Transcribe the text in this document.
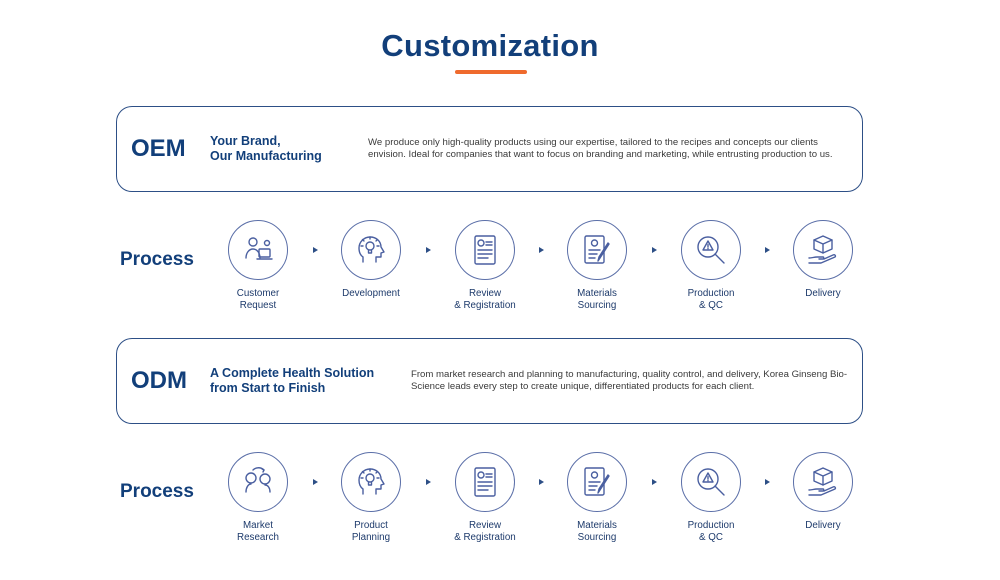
Customization
OEM Your Brand,
Our Manufacturing
We produce only high-quality products using our expertise, tailored to the recipes and concepts our clients envision. Ideal for companies that want to focus on branding and marketing, while entrusting production to us.
Process
Customer
Request
Development	Review
& Registration
Materials
Sourcing
Production
& QC
Delivery
ODM A Complete Health Solution
from Start to Finish
From market research and planning to manufacturing, quality control, and delivery, Korea Ginseng Bio-Science leads every step to create unique, differentiated products for each client.
Process
Market
Research
Product
Planning
Review
& Registration
Materials
Sourcing
Production
& QC
Delivery
